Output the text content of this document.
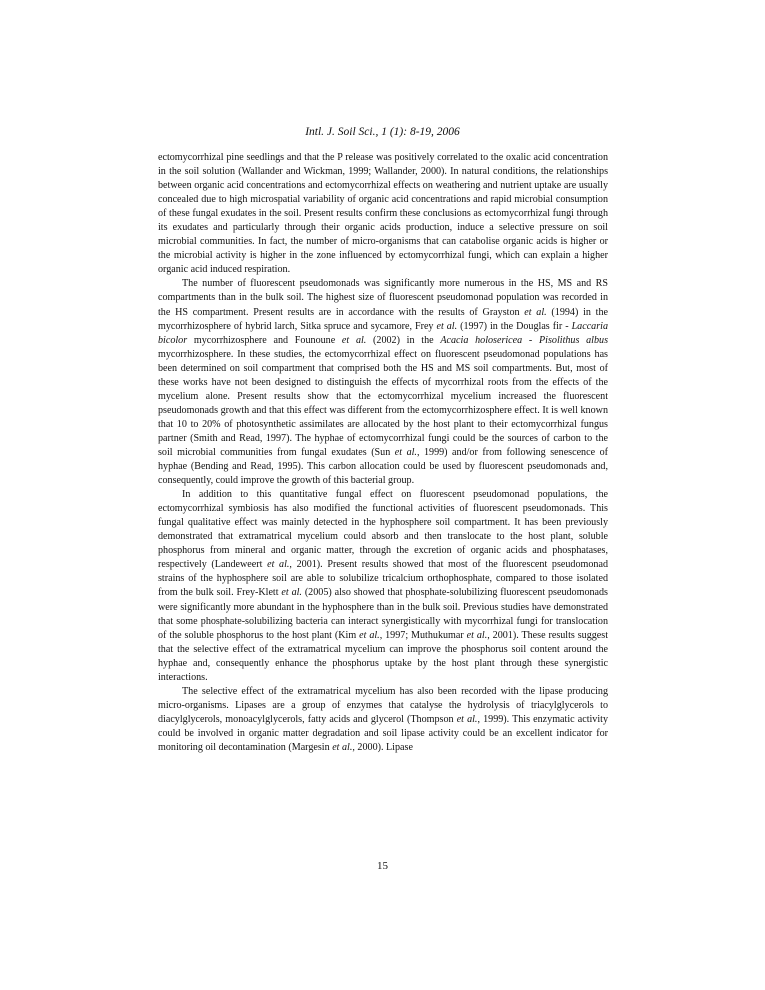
Intl. J. Soil Sci., 1 (1): 8-19, 2006

ectomycorrhizal pine seedlings and that the P release was positively correlated to the oxalic acid concentration in the soil solution (Wallander and Wickman, 1999; Wallander, 2000). In natural conditions, the relationships between organic acid concentrations and ectomycorrhizal effects on weathering and nutrient uptake are usually concealed due to high microspatial variability of organic acid concentrations and rapid microbial consumption of these fungal exudates in the soil. Present results confirm these conclusions as ectomycorrhizal fungi through its exudates and particularly through their organic acids production, induce a selective pressure on soil microbial communities. In fact, the number of micro-organisms that can catabolise organic acids is higher or the microbial activity is higher in the zone influenced by ectomycorrhizal fungi, which can explain a higher organic acid induced respiration.

The number of fluorescent pseudomonads was significantly more numerous in the HS, MS and RS compartments than in the bulk soil. The highest size of fluorescent pseudomonad population was recorded in the HS compartment. Present results are in accordance with the results of Grayston et al. (1994) in the mycorrhizosphere of hybrid larch, Sitka spruce and sycamore, Frey et al. (1997) in the Douglas fir - Laccaria bicolor mycorrhizosphere and Founoune et al. (2002) in the Acacia holosericea - Pisolithus albus mycorrhizosphere. In these studies, the ectomycorrhizal effect on fluorescent pseudomonad populations has been determined on soil compartment that comprised both the HS and MS soil compartments. But, most of these works have not been designed to distinguish the effects of mycorrhizal roots from the effects of the mycelium alone. Present results show that the ectomycorrhizal mycelium increased the fluorescent pseudomonads growth and that this effect was different from the ectomycorrhizosphere effect. It is well known that 10 to 20% of photosynthetic assimilates are allocated by the host plant to their ectomycorrhizal fungus partner (Smith and Read, 1997). The hyphae of ectomycorrhizal fungi could be the sources of carbon to the soil microbial communities from fungal exudates (Sun et al., 1999) and/or from following senescence of hyphae (Bending and Read, 1995). This carbon allocation could be used by fluorescent pseudomonads and, consequently, could improve the growth of this bacterial group.

In addition to this quantitative fungal effect on fluorescent pseudomonad populations, the ectomycorrhizal symbiosis has also modified the functional activities of fluorescent pseudomonads. This fungal qualitative effect was mainly detected in the hyphosphere soil compartment. It has been previously demonstrated that extramatrical mycelium could absorb and then translocate to the host plant, soluble phosphorus from mineral and organic matter, through the excretion of organic acids and phosphatases, respectively (Landeweert et al., 2001). Present results showed that most of the fluorescent pseudomonad strains of the hyphosphere soil are able to solubilize tricalcium orthophosphate, compared to those isolated from the bulk soil. Frey-Klett et al. (2005) also showed that phosphate-solubilizing fluorescent pseudomonads were significantly more abundant in the hyphosphere than in the bulk soil. Previous studies have demonstrated that some phosphate-solubilizing bacteria can interact synergistically with mycorrhizal fungi for translocation of the soluble phosphorus to the host plant (Kim et al., 1997; Muthukumar et al., 2001). These results suggest that the selective effect of the extramatrical mycelium can improve the phosphorus soil content around the hyphae and, consequently enhance the phosphorus uptake by the host plant through these synergistic interactions.

The selective effect of the extramatrical mycelium has also been recorded with the lipase producing micro-organisms. Lipases are a group of enzymes that catalyse the hydrolysis of triacylglycerols to diacylglycerols, monoacylglycerols, fatty acids and glycerol (Thompson et al., 1999). This enzymatic activity could be involved in organic matter degradation and soil lipase activity could be an excellent indicator for monitoring oil decontamination (Margesin et al., 2000). Lipase

15
